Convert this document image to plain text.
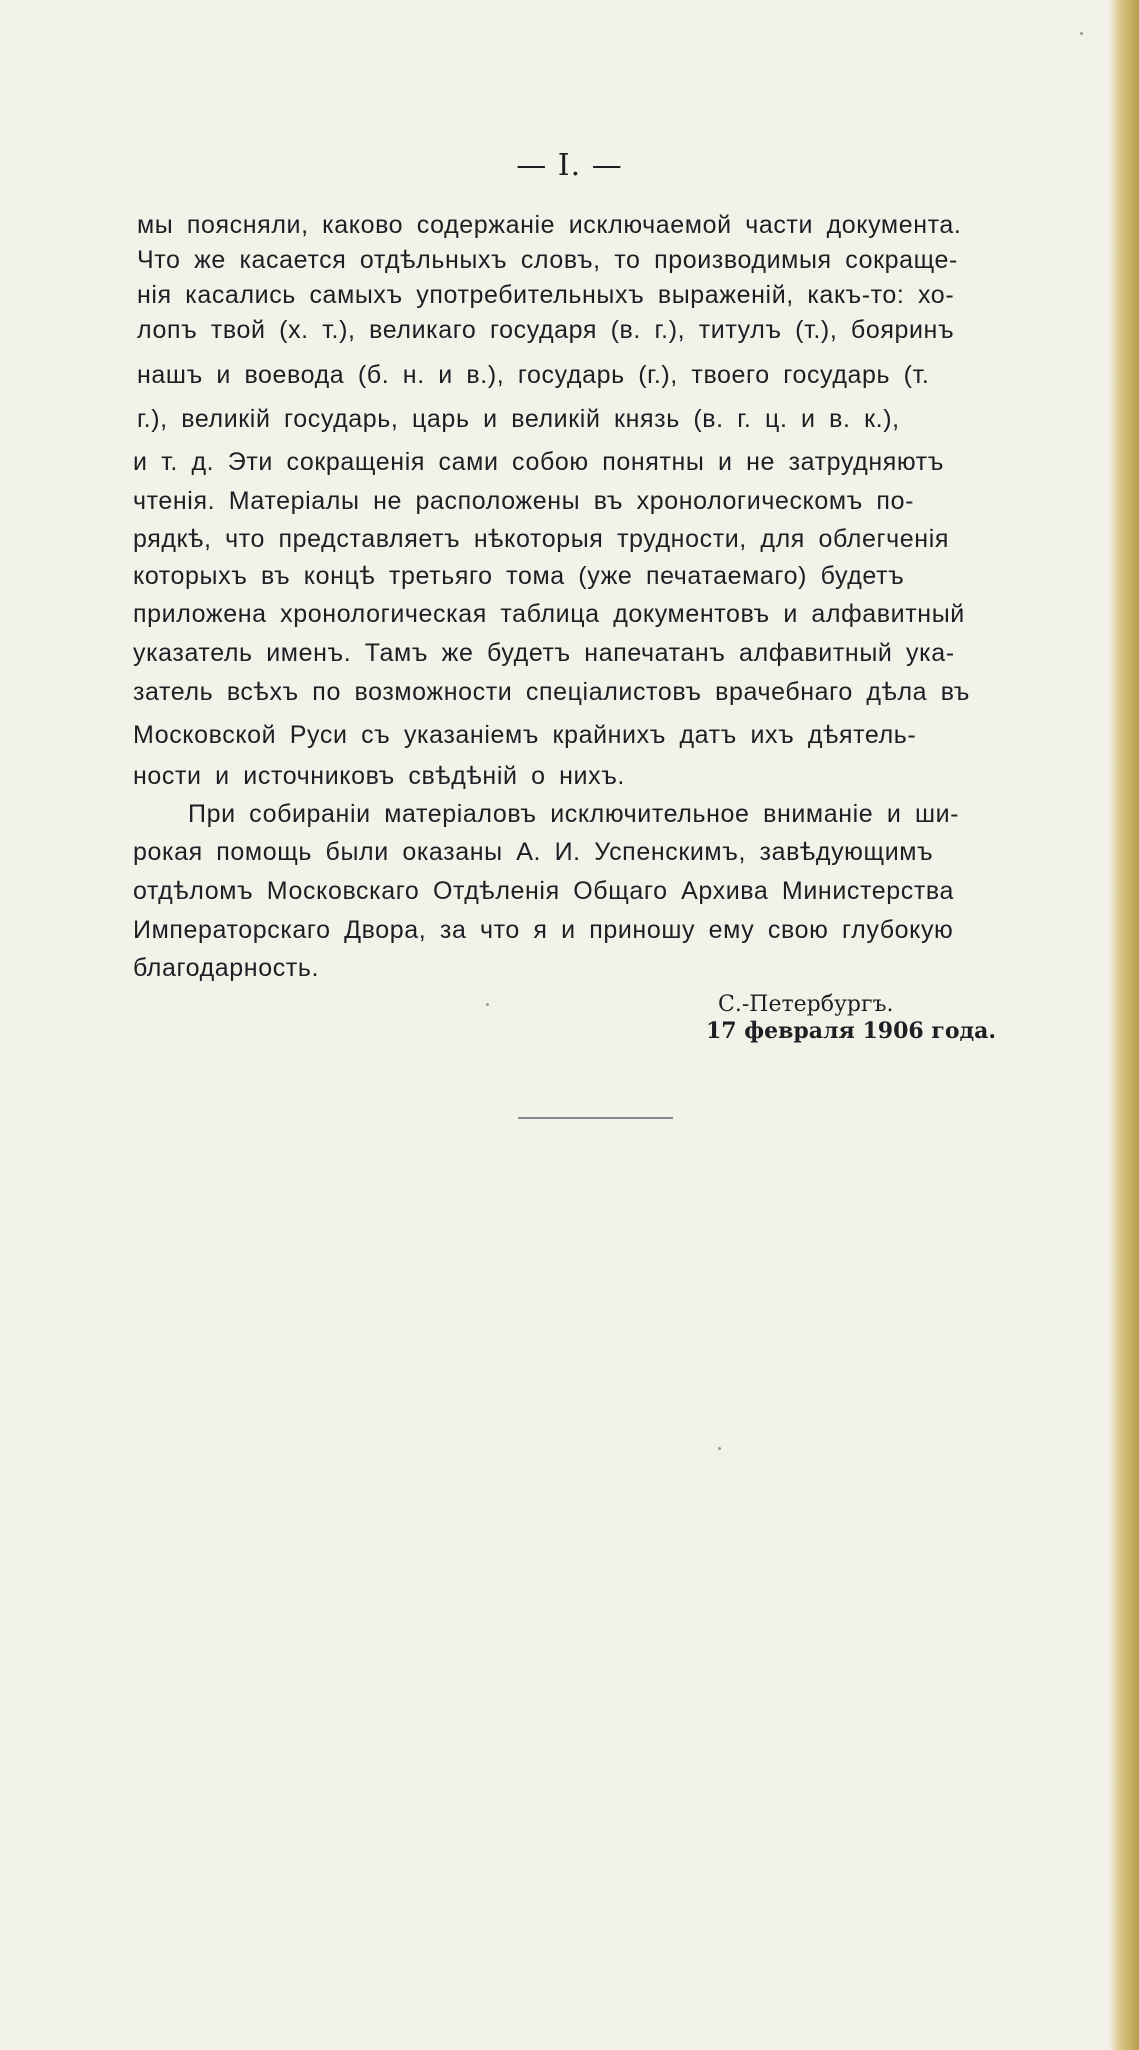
— I. —
мы поясняли, каково содержаніе исключаемой части документа.
Что же касается отдѣльныхъ словъ, то производимыя сокраще-
нія касались самыхъ употребительныхъ выраженій, какъ-то: хо-
лопъ твой (х. т.), великаго государя (в. г.), титулъ (т.), бояринъ
нашъ и воевода (б. н. и в.), государь (г.), твоего государь (т.
г.), великій государь, царь и великій князь (в. г. ц. и в. к.),
и т. д. Эти сокращенія сами собою понятны и не затрудняютъ
чтенія. Матеріалы не расположены въ хронологическомъ по-
рядкѣ, что представляетъ нѣкоторыя трудности, для облегченія
которыхъ въ концѣ третьяго тома (уже печатаемаго) будетъ
приложена хронологическая таблица документовъ и алфавитный
указатель именъ. Тамъ же будетъ напечатанъ алфавитный ука-
затель всѣхъ по возможности спеціалистовъ врачебнаго дѣла въ
Московской Руси съ указаніемъ крайнихъ датъ ихъ дѣятель-
ности и источниковъ свѣдѣній о нихъ.
При собираніи матеріаловъ исключительное вниманіе и ши-
рокая помощь были оказаны А. И. Успенскимъ, завѣдующимъ
отдѣломъ Московскаго Отдѣленія Общаго Архива Министерства
Императорскаго Двора, за что я и приношу ему свою глубокую
благодарность.
С.-Петербургъ.
17 февраля 1906 года.
